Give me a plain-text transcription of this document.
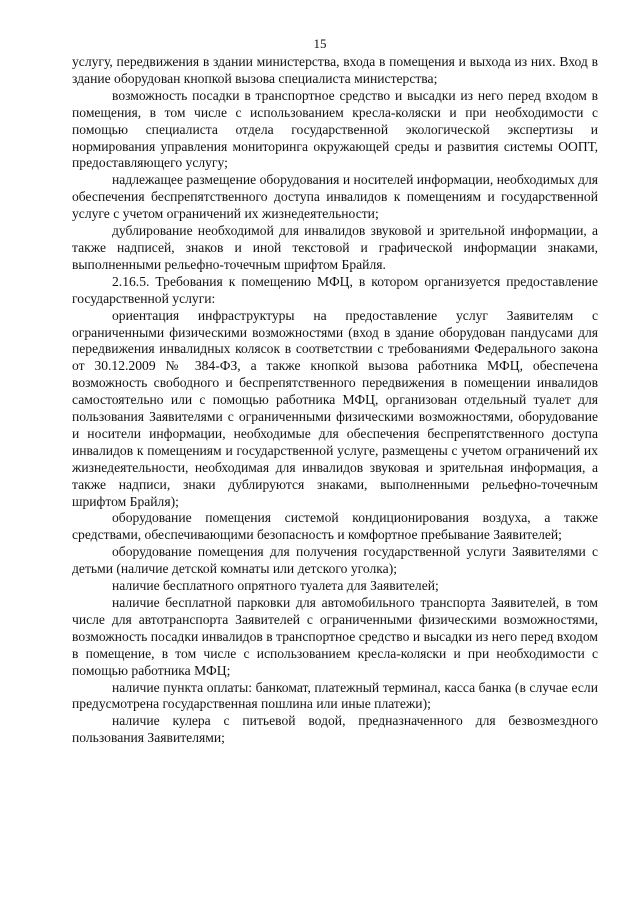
15

услугу, передвижения в здании министерства, входа в помещения и выхода из них. Вход в здание оборудован кнопкой вызова специалиста министерства;

возможность посадки в транспортное средство и высадки из него перед входом в помещения, в том числе с использованием кресла-коляски и при необходимости с помощью специалиста отдела государственной экологической экспертизы и нормирования управления мониторинга окружающей среды и развития системы ООПТ, предоставляющего услугу;

надлежащее размещение оборудования и носителей информации, необходимых для обеспечения беспрепятственного доступа инвалидов к помещениям и государственной услуге с учетом ограничений их жизнедеятельности;

дублирование необходимой для инвалидов звуковой и зрительной информации, а также надписей, знаков и иной текстовой и графической информации знаками, выполненными рельефно-точечным шрифтом Брайля.

2.16.5. Требования к помещению МФЦ, в котором организуется предоставление государственной услуги:

ориентация инфраструктуры на предоставление услуг Заявителям с ограниченными физическими возможностями (вход в здание оборудован пандусами для передвижения инвалидных колясок в соответствии с требованиями Федерального закона от 30.12.2009 № 384-ФЗ, а также кнопкой вызова работника МФЦ, обеспечена возможность свободного и беспрепятственного передвижения в помещении инвалидов самостоятельно или с помощью работника МФЦ, организован отдельный туалет для пользования Заявителями с ограниченными физическими возможностями, оборудование и носители информации, необходимые для обеспечения беспрепятственного доступа инвалидов к помещениям и государственной услуге, размещены с учетом ограничений их жизнедеятельности, необходимая для инвалидов звуковая и зрительная информация, а также надписи, знаки дублируются знаками, выполненными рельефно-точечным шрифтом Брайля);

оборудование помещения системой кондиционирования воздуха, а также средствами, обеспечивающими безопасность и комфортное пребывание Заявителей;

оборудование помещения для получения государственной услуги Заявителями с детьми (наличие детской комнаты или детского уголка);

наличие бесплатного опрятного туалета для Заявителей;

наличие бесплатной парковки для автомобильного транспорта Заявителей, в том числе для автотранспорта Заявителей с ограниченными физическими возможностями, возможность посадки инвалидов в транспортное средство и высадки из него перед входом в помещение, в том числе с использованием кресла-коляски и при необходимости с помощью работника МФЦ;

наличие пункта оплаты: банкомат, платежный терминал, касса банка (в случае если предусмотрена государственная пошлина или иные платежи);

наличие кулера с питьевой водой, предназначенного для безвозмездного пользования Заявителями;
